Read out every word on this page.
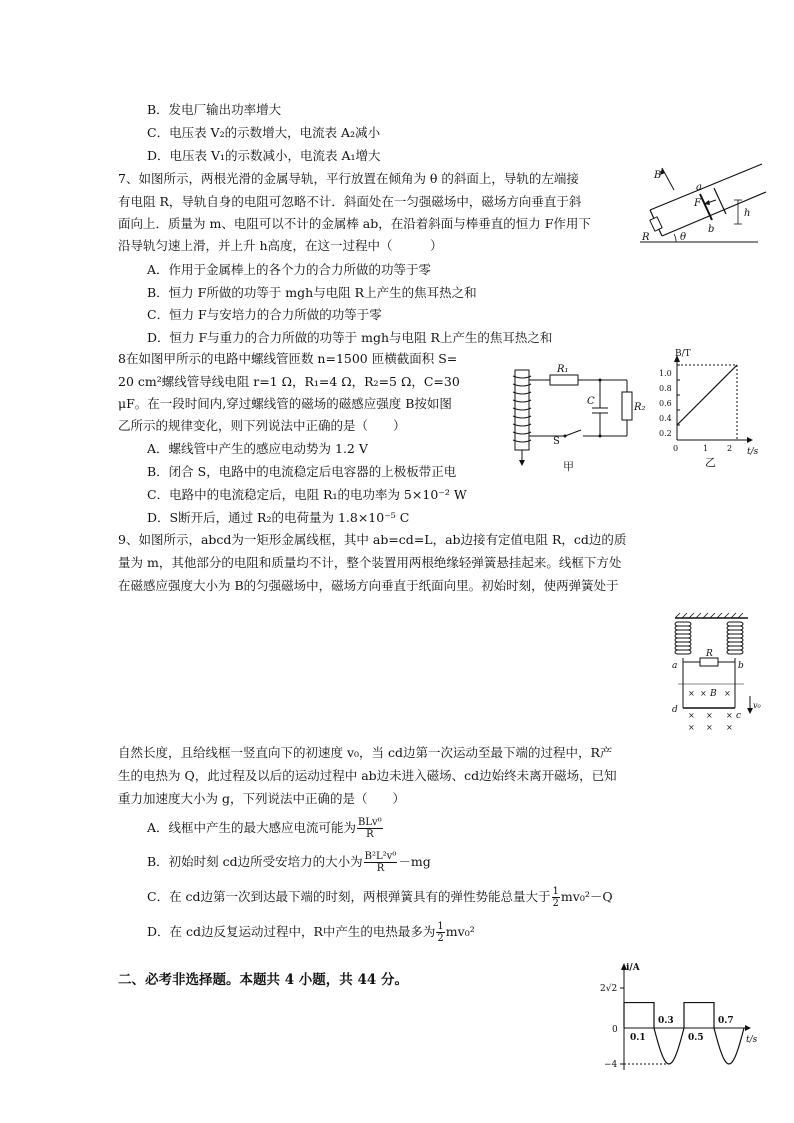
B．发电厂输出功率增大
C．电压表 V₂的示数增大，电流表 A₂减小
D．电压表 V₁的示数减小，电流表 A₁增大
7、如图所示，两根光滑的金属导轨，平行放置在倾角为 θ 的斜面上，导轨的左端接
有电阻 R，导轨自身的电阻可忽略不计．斜面处在一匀强磁场中，磁场方向垂直于斜
面向上．质量为 m、电阻可以不计的金属棒 ab，在沿着斜面与棒垂直的恒力 F作用下
沿导轨匀速上滑，并上升 h高度，在这一过程中（　　　）
A．作用于金属棒上的各个力的合力所做的功等于零
B．恒力 F所做的功等于 mgh与电阻 R上产生的焦耳热之和
C．恒力 F与安培力的合力所做的功等于零
D．恒力 F与重力的合力所做的功等于 mgh与电阻 R上产生的焦耳热之和
B
a
F
h
R
b
θ
8在如图甲所示的电路中螺线管匝数 n=1500 匝横截面积 S=
20 cm²螺线管导线电阻 r=1 Ω，R₁=4 Ω，R₂=5 Ω，C=30
μF。在一段时间内,穿过螺线管的磁场的磁感应强度 B按如图
乙所示的规律变化，则下列说法中正确的是（　　）
A．螺线管中产生的感应电动势为 1.2 V
B．闭合 S，电路中的电流稳定后电容器的上极板带正电
C．电路中的电流稳定后，电阻 R₁的电功率为 5×10⁻² W
D．S断开后，通过 R₂的电荷量为 1.8×10⁻⁵ C
R₁
C
R₂
S
甲
B/T
t/s
1.0
0.8
0.6
0.4
0.2
0	1 2
乙
9、如图所示，abcd为一矩形金属线框，其中 ab=cd=L，ab边接有定值电阻 R，cd边的质
量为 m，其他部分的电阻和质量均不计，整个装置用两根绝缘轻弹簧悬挂起来。线框下方处
在磁感应强度大小为 B的匀强磁场中，磁场方向垂直于纸面向里。初始时刻，使两弹簧处于
× × ×
× × ×
× × ×
a	b
d
c
R
B
v₀
自然长度，且给线框一竖直向下的初速度 v₀，当 cd边第一次运动至最下端的过程中，R产
生的电热为 Q，此过程及以后的运动过程中 ab边未进入磁场、cd边始终未离开磁场，已知
重力加速度大小为 g，下列说法中正确的是（　　）
A．线框中产生的最大感应电流可能为 $\frac{\text{BLv⁰}}{R}$
B．初始时刻 cd边所受安培力的大小为 $\frac{\text{B²L²v⁰}}{R} -mg$
C．在 cd边第一次到达最下端的时刻，两根弹簧具有的弹性势能总量大于 $\frac{1}{2} mv_0^2-Q$
D．在 cd边反复运动过程中，R中产生的电热最多为 $\frac{1}{2} mv_0^2$
二、必考非选择题。本题共 4 小题，共 44 分。
i/A
2√2
0
−4
t/s
0.1
0.3
0.5
0.7
